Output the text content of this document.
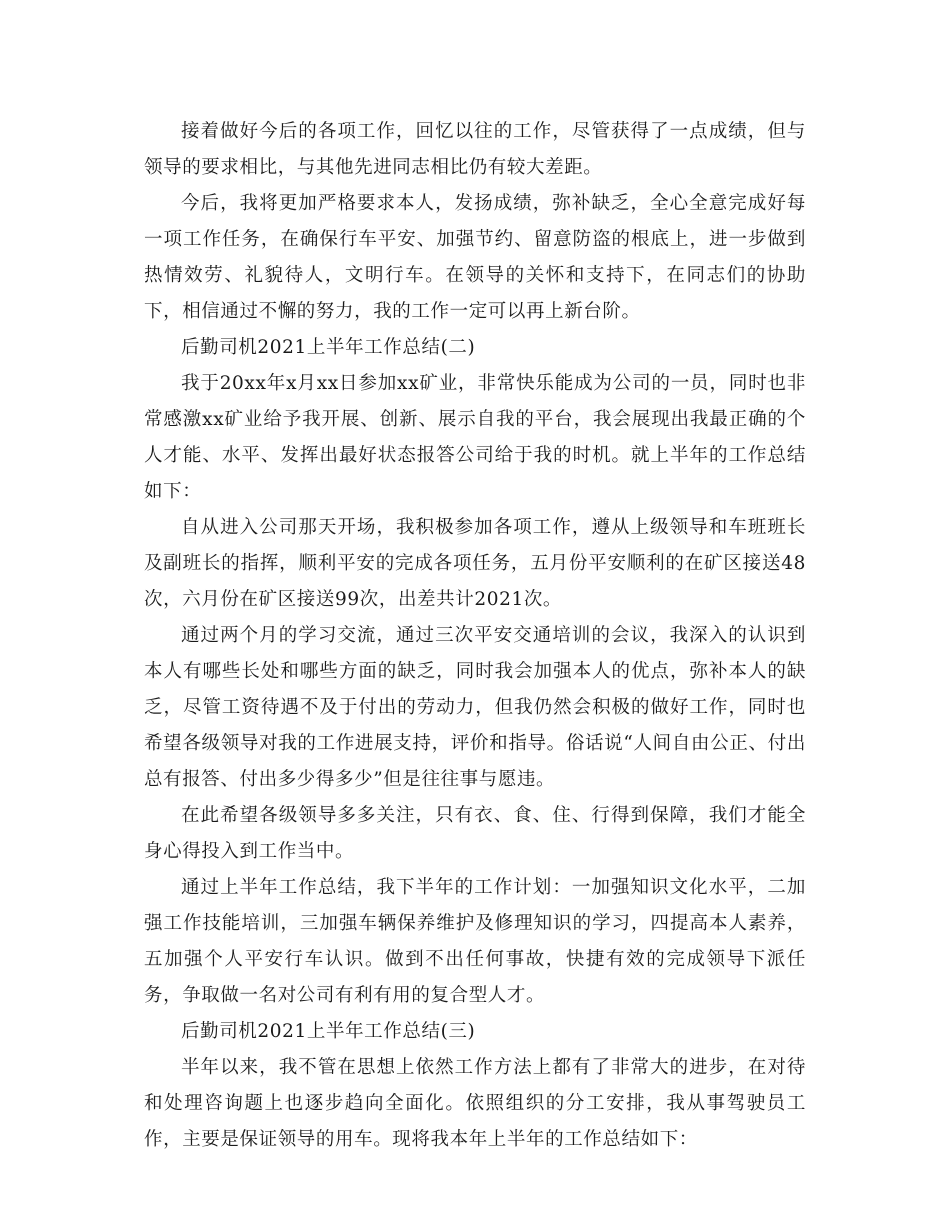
接着做好今后的各项工作，回忆以往的工作，尽管获得了一点成绩，但与领导的要求相比，与其他先进同志相比仍有较大差距。

今后，我将更加严格要求本人，发扬成绩，弥补缺乏，全心全意完成好每一项工作任务，在确保行车平安、加强节约、留意防盗的根底上，进一步做到热情效劳、礼貌待人，文明行车。在领导的关怀和支持下，在同志们的协助下，相信通过不懈的努力，我的工作一定可以再上新台阶。

后勤司机2021上半年工作总结(二)

我于20xx年x月xx日参加xx矿业，非常快乐能成为公司的一员，同时也非常感激xx矿业给予我开展、创新、展示自我的平台，我会展现出我最正确的个人才能、水平、发挥出最好状态报答公司给于我的时机。就上半年的工作总结如下：

自从进入公司那天开场，我积极参加各项工作，遵从上级领导和车班班长及副班长的指挥，顺利平安的完成各项任务，五月份平安顺利的在矿区接送48次，六月份在矿区接送99次，出差共计2021次。

通过两个月的学习交流，通过三次平安交通培训的会议，我深入的认识到本人有哪些长处和哪些方面的缺乏，同时我会加强本人的优点，弥补本人的缺乏，尽管工资待遇不及于付出的劳动力，但我仍然会积极的做好工作，同时也希望各级领导对我的工作进展支持，评价和指导。俗话说“人间自由公正、付出总有报答、付出多少得多少”但是往往事与愿违。

在此希望各级领导多多关注，只有衣、食、住、行得到保障，我们才能全身心得投入到工作当中。

通过上半年工作总结，我下半年的工作计划：一加强知识文化水平，二加强工作技能培训，三加强车辆保养维护及修理知识的学习，四提高本人素养，五加强个人平安行车认识。做到不出任何事故，快捷有效的完成领导下派任务，争取做一名对公司有利有用的复合型人才。

后勤司机2021上半年工作总结(三)

半年以来，我不管在思想上依然工作方法上都有了非常大的进步，在对待和处理咨询题上也逐步趋向全面化。依照组织的分工安排，我从事驾驶员工作，主要是保证领导的用车。现将我本年上半年的工作总结如下：
